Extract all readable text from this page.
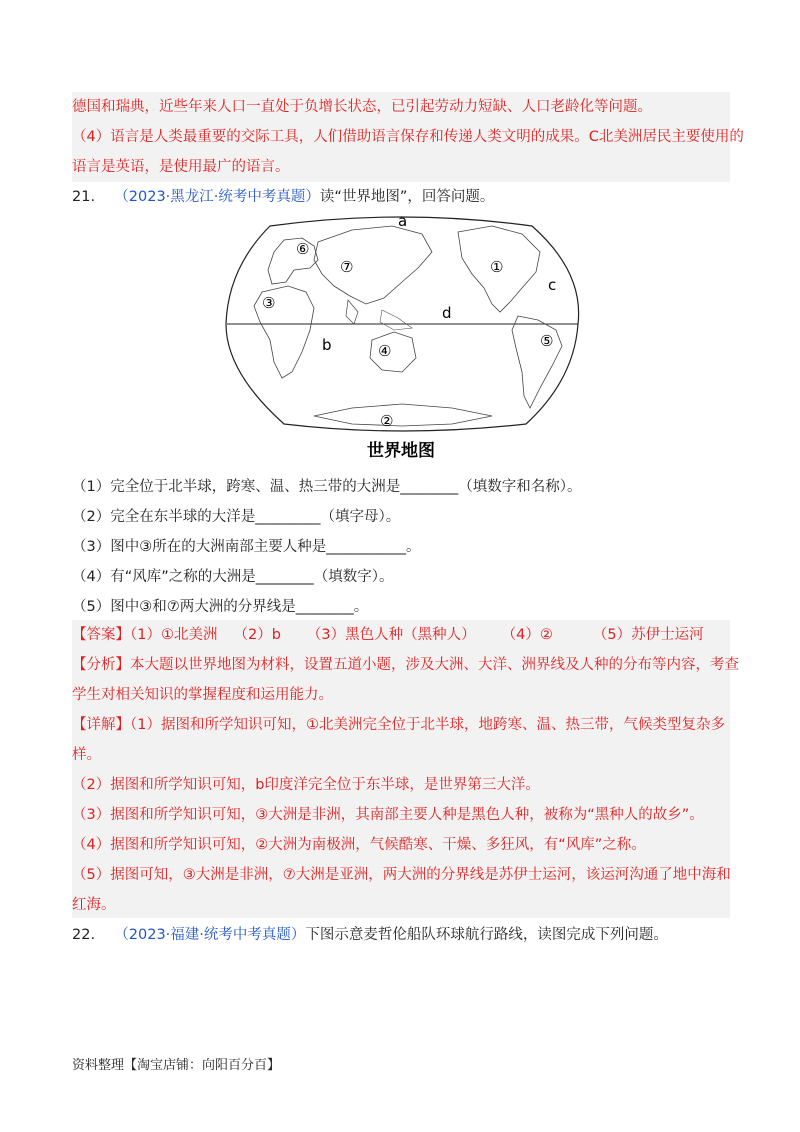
德国和瑞典，近些年来人口一直处于负增长状态，已引起劳动力短缺、人口老龄化等问题。
（4）语言是人类最重要的交际工具，人们借助语言保存和传递人类文明的成果。C北美洲居民主要使用的
语言是英语，是使用最广的语言。
21. （2023·黑龙江·统考中考真题）读“世界地图”，回答问题。
a
b
c
d
①
②
③
④
⑤
⑥
⑦
世界地图
（1）完全位于北半球，跨寒、温、热三带的大洲是________（填数字和名称）。
（2）完全在东半球的大洋是_________（填字母）。
（3）图中③所在的大洲南部主要人种是___________。
（4）有“风库”之称的大洲是________（填数字）。
（5）图中③和⑦两大洲的分界线是________。
【答案】（1）①北美洲 （2）b （3）黑色人种（黑种人） （4）②	（5）苏伊士运河
【分析】本大题以世界地图为材料，设置五道小题，涉及大洲、大洋、洲界线及人种的分布等内容，考查
学生对相关知识的掌握程度和运用能力。
【详解】（1）据图和所学知识可知，①北美洲完全位于北半球，地跨寒、温、热三带，气候类型复杂多
样。
（2）据图和所学知识可知，b印度洋完全位于东半球，是世界第三大洋。
（3）据图和所学知识可知，③大洲是非洲，其南部主要人种是黑色人种，被称为“黑种人的故乡”。
（4）据图和所学知识可知，②大洲为南极洲，气候酷寒、干燥、多狂风，有“风库”之称。
（5）据图可知，③大洲是非洲，⑦大洲是亚洲，两大洲的分界线是苏伊士运河，该运河沟通了地中海和
红海。
22. （2023·福建·统考中考真题）下图示意麦哲伦船队环球航行路线，读图完成下列问题。
资料整理【淘宝店铺：向阳百分百】
